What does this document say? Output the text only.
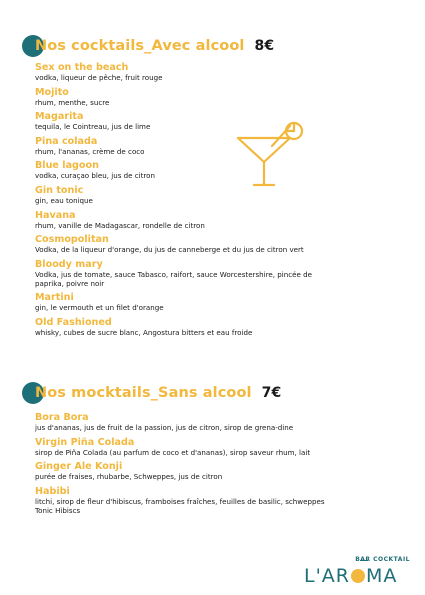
Nos cocktails_Avec alcool 8€
Sex on the beach
vodka, liqueur de pêche, fruit rouge
Mojito
rhum, menthe, sucre
Magarita
tequila, le Cointreau, jus de lime
Pina colada
rhum, l'ananas, crème de coco
Blue lagoon
vodka, curaçao bleu, jus de citron
Gin tonic
gin, eau tonique
Havana
rhum, vanille de Madagascar, rondelle de citron
Cosmopolitan
Vodka, de la liqueur d'orange, du jus de canneberge et du jus de citron vert
Bloody mary
Vodka, jus de tomate, sauce Tabasco, raifort, sauce Worcestershire, pincée de paprika, poivre noir
Martini
gin, le vermouth et un filet d'orange
Old Fashioned
whisky, cubes de sucre blanc, Angostura bitters et eau froide
Nos mocktails_Sans alcool 7€
Bora Bora
jus d'ananas, jus de fruit de la passion, jus de citron, sirop de grena-dine
Virgin Piña Colada
sirop de Piña Colada (au parfum de coco et d'ananas), sirop saveur rhum, lait
Ginger Ale Konji
purée de fraises, rhubarbe, Schweppes, jus de citron
Habibi
litchi, sirop de fleur d'hibiscus, framboises fraîches, feuilles de basilic, schweppes Tonic Hibiscs
BAR COCKTAIL
L'AR MA
